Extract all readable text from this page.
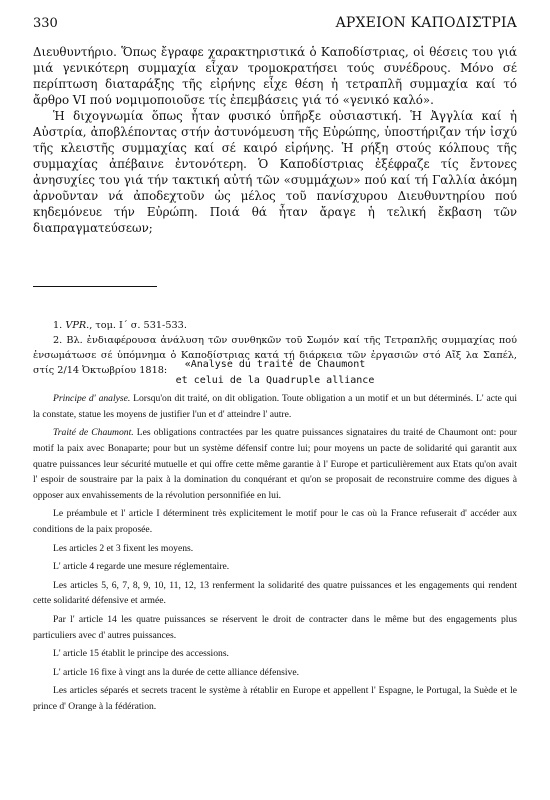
330	ΑΡΧΕΙΟΝ ΚΑΠΟΔΙΣΤΡΙΑ

Διευθυντήριο. Ὅπως ἔγραφε χαρακτηριστικά ὁ Καποδίστριας, οἱ θέσεις του γιά μιά γενικότερη συμμαχία εἶχαν τρομοκρατήσει τούς συνέδρους. Μόνο σέ περίπτωση διαταράξης τῆς εἰρήνης εἶχε θέση ἡ τετραπλῆ συμμαχία καί τό ἄρθρο VI πού νομιμοποιοῦσε τίς ἐπεμβάσεις γιά τό «γενικό καλό».

Ἡ διχογνωμία ὅπως ἦταν φυσικό ὑπῆρξε οὐσιαστική. Ἡ Ἀγγλία καί ἡ Αὐστρία, ἀποβλέποντας στήν ἀστυνόμευση τῆς Εὐρώπης, ὑποστήριζαν τήν ἰσχύ τῆς κλειστῆς συμμαχίας καί σέ καιρό εἰρήνης. Ἡ ρήξη στούς κόλπους τῆς συμμαχίας ἀπέβαινε ἐντονότερη. Ὁ Καποδίστριας ἐξέφραζε τίς ἔντονες ἀνησυχίες του γιά τήν τακτική αὐτή τῶν «συμμάχων» πού καί τή Γαλλία ἀκόμη ἀρνοῦνταν νά ἀποδεχτοῦν ὡς μέλος τοῦ πανίσχυρου Διευθυντηρίου πού κηδεμόνευε τήν Εὐρώπη. Ποιά θά ἦταν ἄραγε ἡ τελική ἔκβαση τῶν διαπραγματεύσεων;

1. VPR., τομ. Ι΄ σ. 531-533.

2. Βλ. ἐνδιαφέρουσα ἀνάλυση τῶν συνθηκῶν τοῦ Σωμόν καί τῆς Τετραπλῆς συμμαχίας πού ἐνσωμάτωσε σέ ὑπόμνημα ὁ Καποδίστριας κατά τή διάρκεια τῶν ἐργασιῶν στό Αἴξ λα Σαπέλ, στίς 2/14 Ὀκτωβρίου 1818:

«Analyse du traité de Chaumont

et celui de la Quadruple alliance

Principe d' analyse. Lorsqu'on dit traité, on dit obligation. Toute obligation a un motif et un but déterminés. L' acte qui la constate, statue les moyens de justifier l'un et d' atteindre l' autre.

Traité de Chaumont. Les obligations contractées par les quatre puissances signataires du traité de Chaumont ont: pour motif la paix avec Bonaparte; pour but un système défensif contre lui; pour moyens un pacte de solidarité qui garantit aux quatre puissances leur sécurité mutuelle et qui offre cette même garantie à l' Europe et particulièrement aux Etats qu'on avait l' espoir de soustraire par la paix à la domination du conquérant et qu'on se proposait de reconstruire comme des digues à opposer aux envahissements de la révolution personnifiée en lui.

Le préambule et l' article I déterminent très explicitement le motif pour le cas où la France refuserait d' accéder aux conditions de la paix proposée.

Les articles 2 et 3 fixent les moyens.

L' article 4 regarde une mesure réglementaire.

Les articles 5, 6, 7, 8, 9, 10, 11, 12, 13 renferment la solidarité des quatre puissances et les engagements qui rendent cette solidarité défensive et armée.

Par l' article 14 les quatre puissances se réservent le droit de contracter dans le même but des engagements plus particuliers avec d' autres puissances.

L' article 15 établit le principe des accessions.

L' article 16 fixe à vingt ans la durée de cette alliance défensive.

Les articles séparés et secrets tracent le système à rétablir en Europe et appellent l' Espagne, le Portugal, la Suède et le prince d' Orange à la fédération.
